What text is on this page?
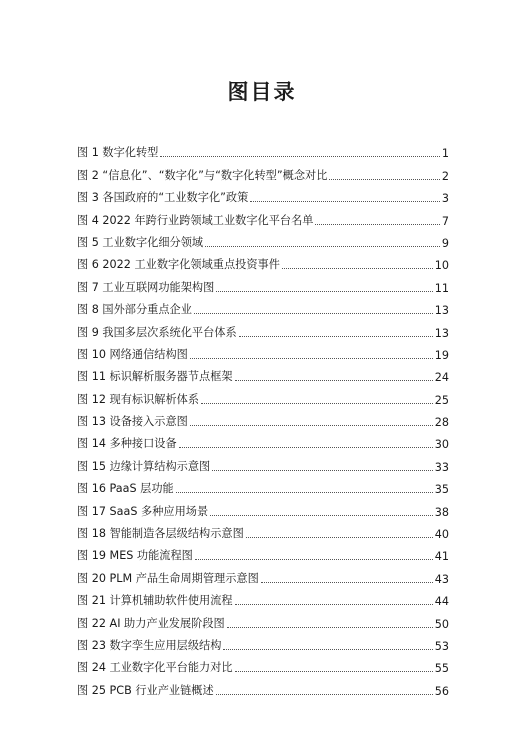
图目录
图 1 数字化转型	1
图 2 “信息化”、“数字化”与“数字化转型”概念对比	2
图 3 各国政府的“工业数字化”政策	3
图 4 2022 年跨行业跨领域工业数字化平台名单	7
图 5 工业数字化细分领域	9
图 6 2022 工业数字化领域重点投资事件	10
图 7 工业互联网功能架构图	11
图 8 国外部分重点企业	13
图 9 我国多层次系统化平台体系	13
图 10 网络通信结构图	19
图 11 标识解析服务器节点框架	24
图 12 现有标识解析体系	25
图 13 设备接入示意图	28
图 14 多种接口设备	30
图 15 边缘计算结构示意图	33
图 16 PaaS 层功能	35
图 17 SaaS 多种应用场景	38
图 18 智能制造各层级结构示意图	40
图 19 MES 功能流程图	41
图 20 PLM 产品生命周期管理示意图	43
图 21 计算机辅助软件使用流程	44
图 22 AI 助力产业发展阶段图	50
图 23 数字孪生应用层级结构	53
图 24 工业数字化平台能力对比	55
图 25 PCB 行业产业链概述	56
